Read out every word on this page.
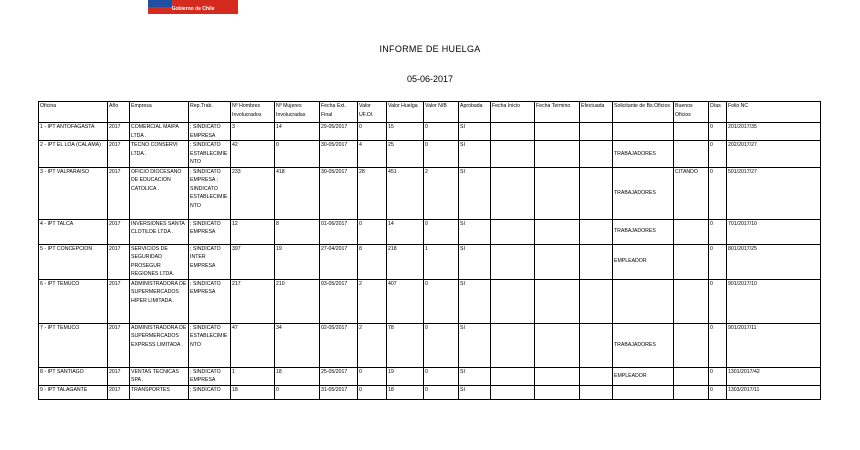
Gobierno de Chile
INFORME DE HUELGA
05-06-2017
Oficina	Año	Empresa	Rep.Trab.	Nº Hombres Involucrados	Nº Mujeres Involucradas	Fecha Ext. Final	Valor UF.Ol.	Valor Huelga	Valor N/B	Aprobada	Fecha Inicio	Fecha Termino	Efectuada	Solicitante de Bs.Oficios	Buenos Oficios	Días	Folio NC
1 - IPT ANTOFAGASTA	2017	COMERCIAL MAIPA LTDA .	; SINDICATO EMPRESA	3	14	29-05/2017	0	15	0	SI						0	201/2017/35
2 - IPT EL LOA (CALAMA)	2017	TECNO CONSERVI LTDA .	; SINDICATO ESTABLECIMIENTO	42	0	30-05/2017	4	25	0	SI				TRABAJADORES		0	202/2017/27
3 - IPT VALPARAISO	2017	OFICIO DIOCESANO DE EDUCACION CATOLICA .	; SINDICATO EMPRESA ; SINDICATO ESTABLECIMIENTO	233	418	30-05/2017	28	451	2	SI				TRABAJADORES	CITANDO	0	501/2017/27
4 - IPT TALCA	2017	INVERSIONES SANTA CLOTILDE LTDA .	; SINDICATO EMPRESA	12	8	01-06/2017	0	14	0	SI				TRABAJADORES		0	701/2017/10
5 - IPT CONCEPCION	2017	SERVICIOS DE SEGURIDAD PROSEGUR REGIONES LTDA.	; SINDICATO INTER EMPRESA	397	19	27-04/2017	8	218	1	SI				EMPLEADOR		0	801/2017/25
6 - IPT TEMUCO	2017	ADMINISTRADORA DE SUPERMERCADOS HIPER LIMITADA .	; SINDICATO EMPRESA	217	210	03-05/2017	2	407	0	SI						0	901/2017/10
7 - IPT TEMUCO	2017	ADMINISTRADORA DE SUPERMERCADOS EXPRESS LIMITADA .	; SINDICATO ESTABLECIMIENTO	47	34	02-05/2017	2	78	0	SI				TRABAJADORES		0	901/2017/11
8 - IPT SANTIAGO	2017	VENTAS TECNICAS SPA .	; SINDICATO EMPRESA	1	18	25-05/2017	0	19	0	SI				EMPLEADOR		0	1301/2017/42
9 - IPT TALAGANTE	2017	TRANSPORTES	; SINDICATO	18	0	31-05/2017	0	18	0	SI						0	1303/2017/11
